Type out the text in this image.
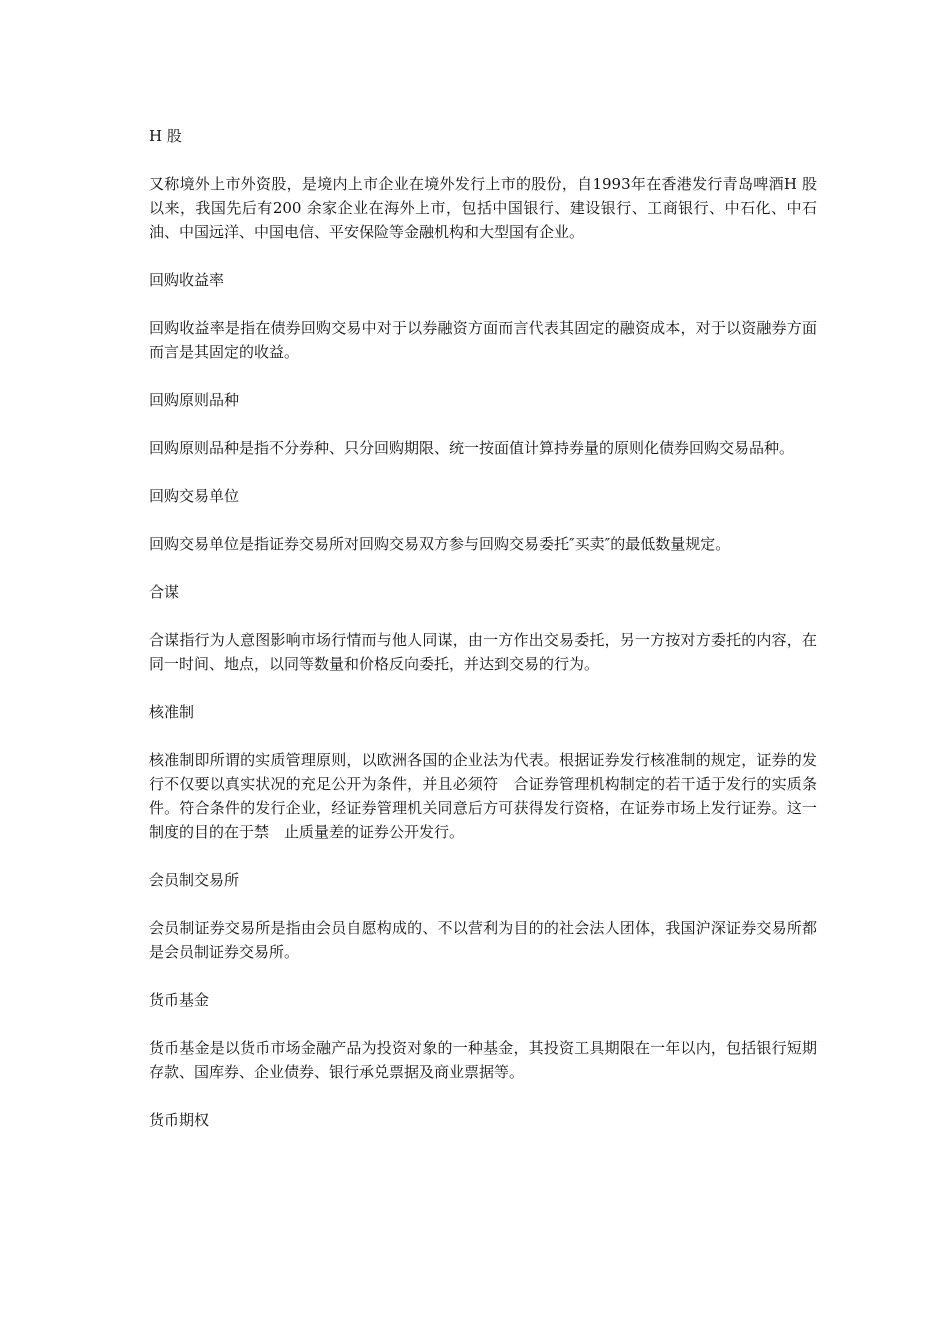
H 股

又称境外上市外资股，是境内上市企业在境外发行上市的股份，自1993年在香港发行青岛啤酒H 股以来，我国先后有200 余家企业在海外上市，包括中国银行、建设银行、工商银行、中石化、中石油、中国远洋、中国电信、平安保险等金融机构和大型国有企业。

回购收益率

回购收益率是指在债券回购交易中对于以券融资方面而言代表其固定的融资成本，对于以资融券方面而言是其固定的收益。

回购原则品种

回购原则品种是指不分券种、只分回购期限、统一按面值计算持券量的原则化债券回购交易品种。

回购交易单位

回购交易单位是指证券交易所对回购交易双方参与回购交易委托″买卖″的最低数量规定。

合谋

合谋指行为人意图影响市场行情而与他人同谋，由一方作出交易委托，另一方按对方委托的内容，在同一时间、地点，以同等数量和价格反向委托，并达到交易的行为。

核准制

核准制即所谓的实质管理原则，以欧洲各国的企业法为代表。根据证券发行核准制的规定，证券的发行不仅要以真实状况的充足公开为条件，并且必须符　合证券管理机构制定的若干适于发行的实质条件。符合条件的发行企业，经证券管理机关同意后方可获得发行资格，在证券市场上发行证券。这一制度的目的在于禁　止质量差的证券公开发行。

会员制交易所

会员制证券交易所是指由会员自愿构成的、不以营利为目的的社会法人团体，我国沪深证券交易所都是会员制证券交易所。

货币基金

货币基金是以货币市场金融产品为投资对象的一种基金，其投资工具期限在一年以内，包括银行短期存款、国库券、企业债券、银行承兑票据及商业票据等。

货币期权
